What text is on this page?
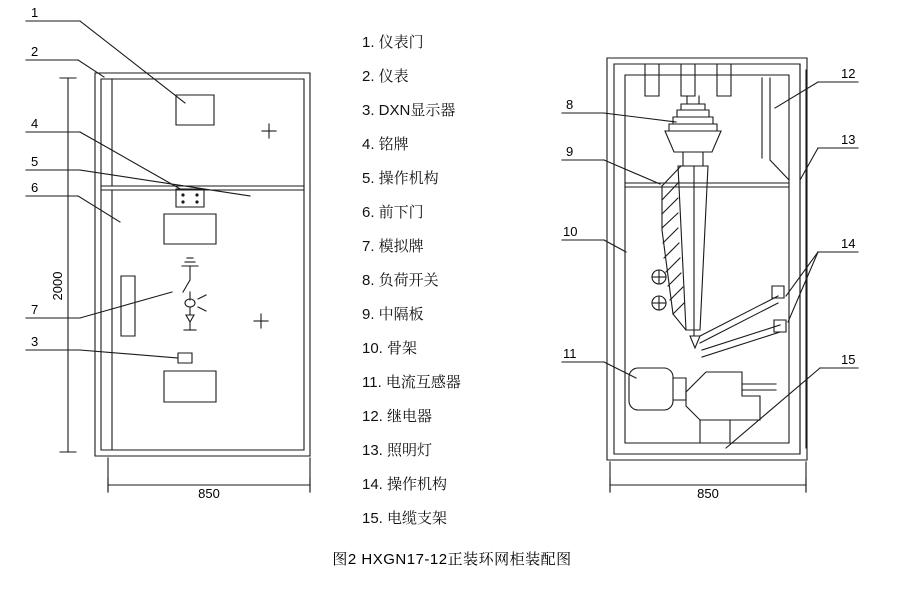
1
2
4
5
6
7
3
8
9
10
11
12
13
14
15
2000
850	850
1. 仪表门
2. 仪表
3. DXN显示器
4. 铭牌
5. 操作机构
6. 前下门
7. 模拟牌
8. 负荷开关
9. 中隔板
10. 骨架
11. 电流互感器
12. 继电器
13. 照明灯
14. 操作机构
15. 电缆支架
图2 HXGN17-12正装环网柜装配图
